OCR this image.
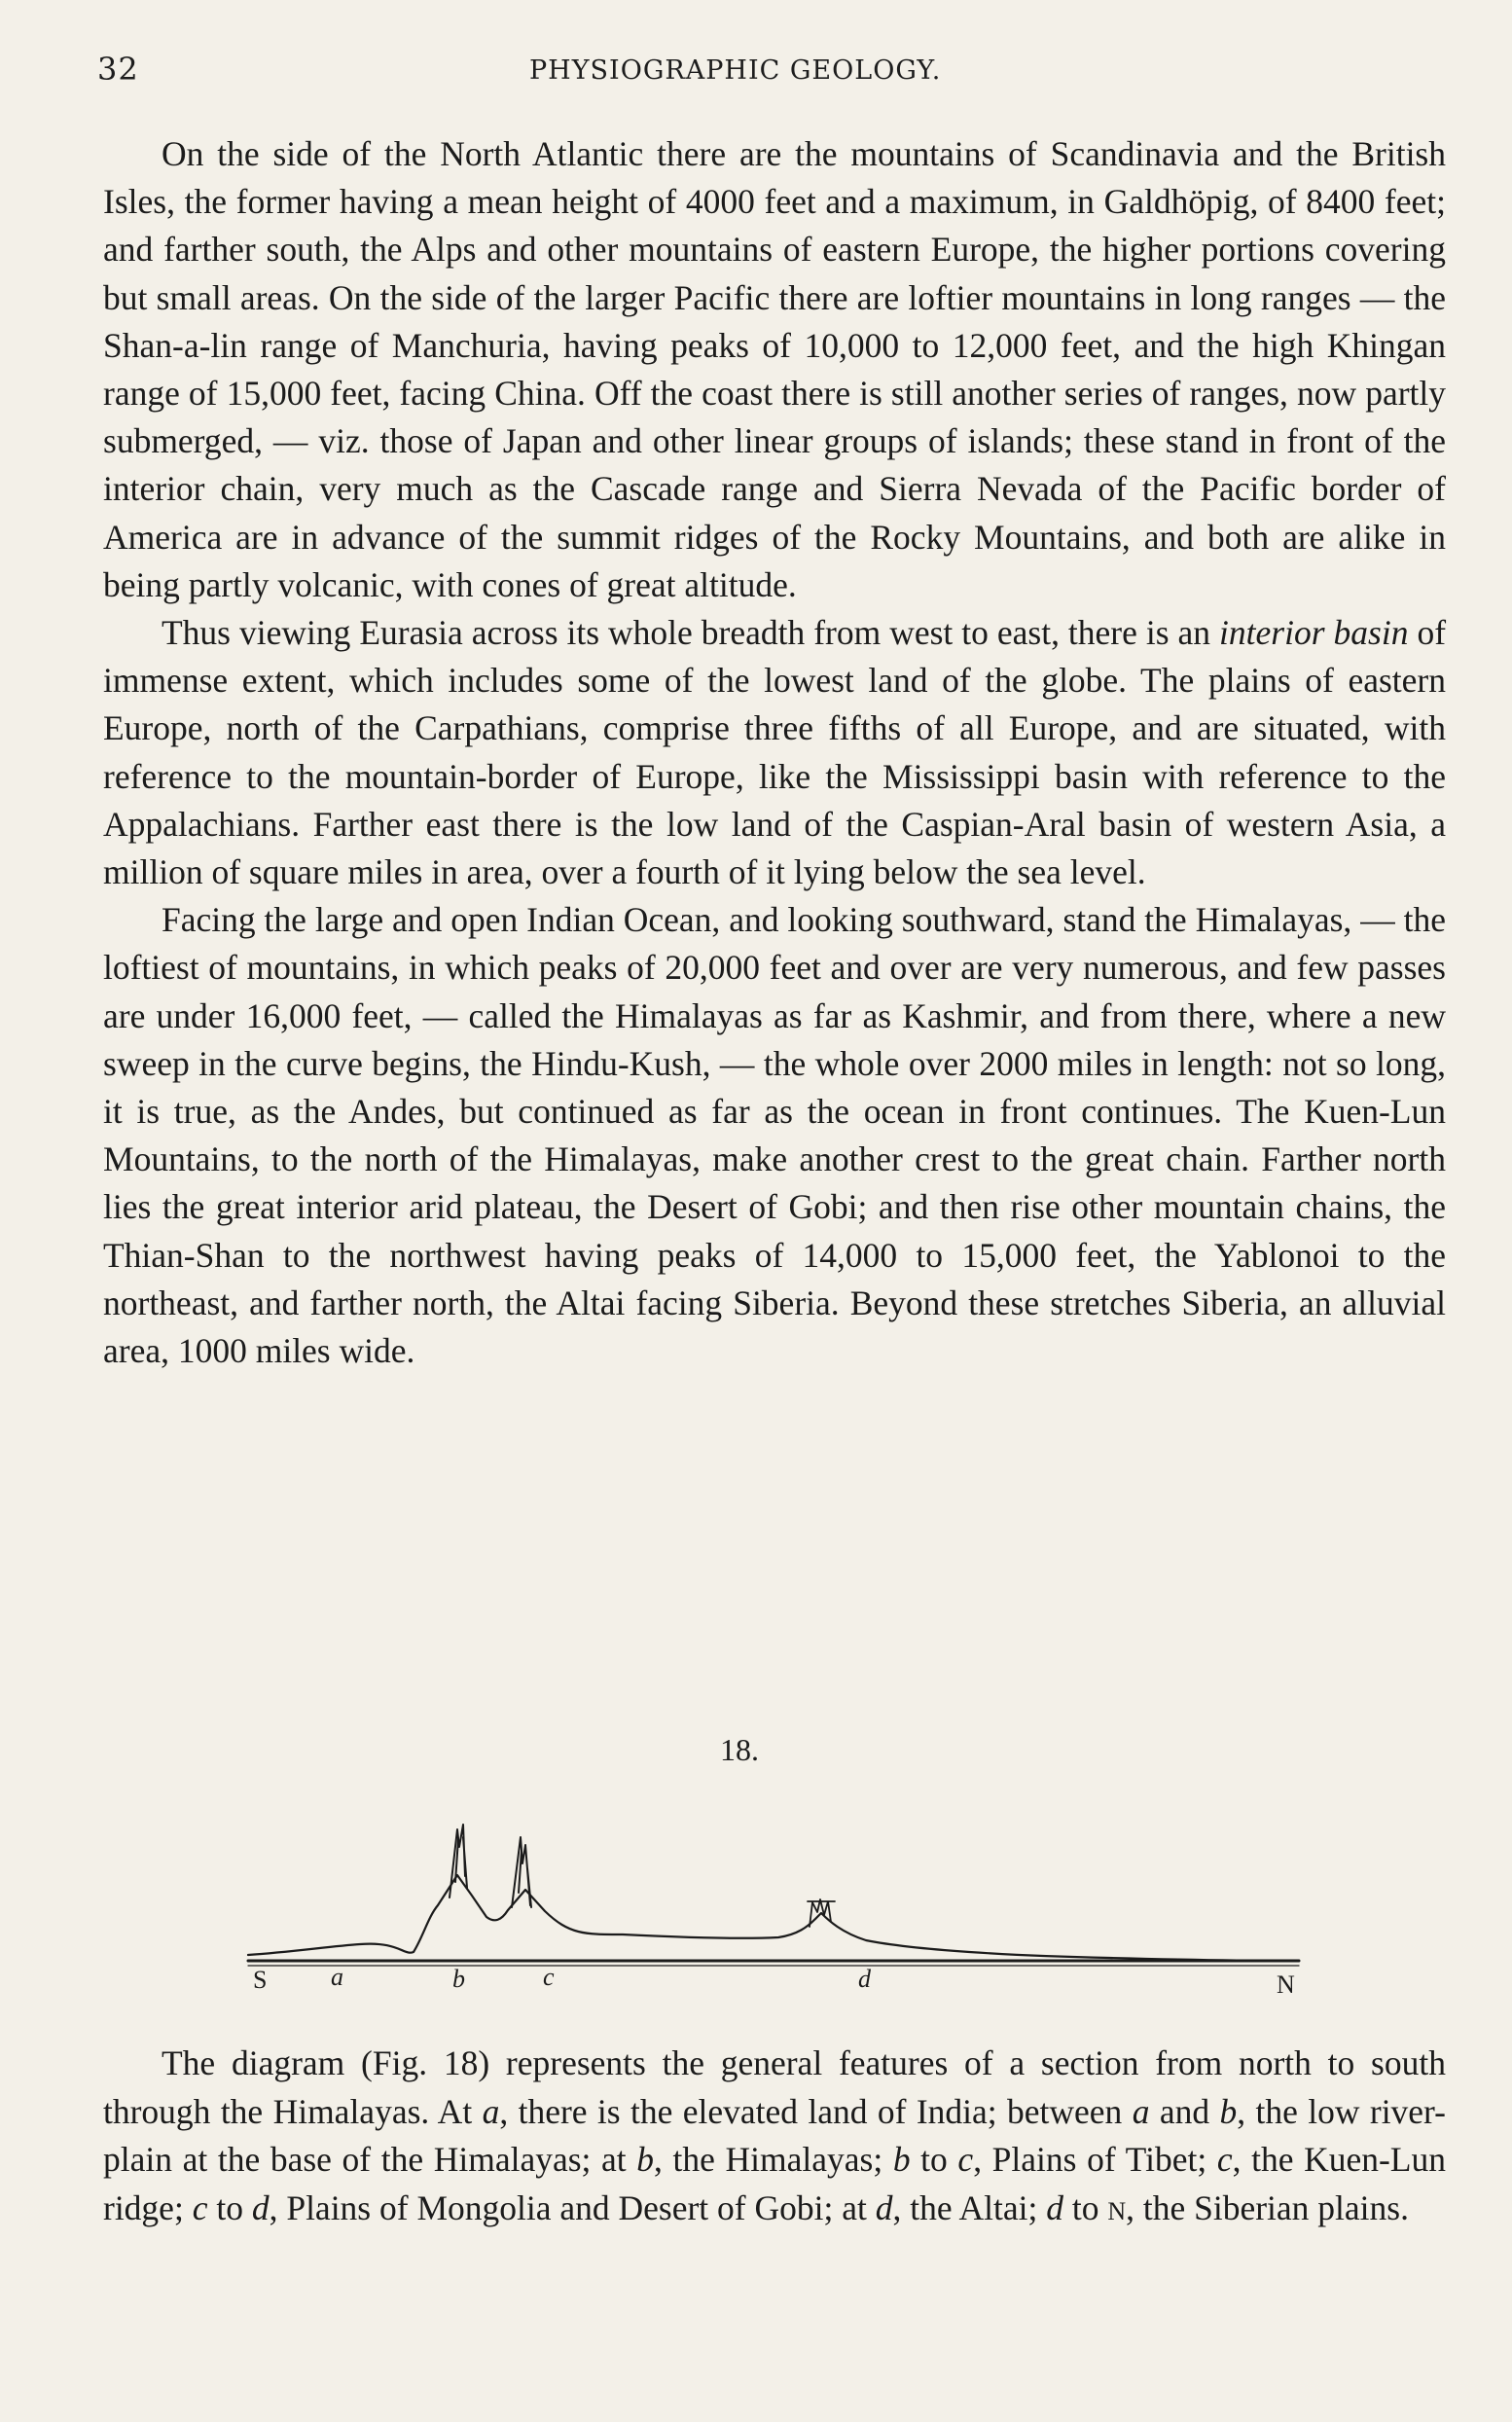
32	PHYSIOGRAPHIC GEOLOGY.

On the side of the North Atlantic there are the mountains of Scandinavia and the British Isles, the former having a mean height of 4000 feet and a maximum, in Galdhöpig, of 8400 feet; and farther south, the Alps and other mountains of eastern Europe, the higher portions covering but small areas. On the side of the larger Pacific there are loftier mountains in long ranges — the Shan-a-lin range of Manchuria, having peaks of 10,000 to 12,000 feet, and the high Khingan range of 15,000 feet, facing China. Off the coast there is still another series of ranges, now partly submerged, — viz. those of Japan and other linear groups of islands; these stand in front of the interior chain, very much as the Cascade range and Sierra Nevada of the Pacific border of America are in advance of the summit ridges of the Rocky Mountains, and both are alike in being partly volcanic, with cones of great altitude.

Thus viewing Eurasia across its whole breadth from west to east, there is an interior basin of immense extent, which includes some of the lowest land of the globe. The plains of eastern Europe, north of the Carpathians, comprise three fifths of all Europe, and are situated, with reference to the mountain-border of Europe, like the Mississippi basin with reference to the Appalachians. Farther east there is the low land of the Caspian-Aral basin of western Asia, a million of square miles in area, over a fourth of it lying below the sea level.

Facing the large and open Indian Ocean, and looking southward, stand the Himalayas, — the loftiest of mountains, in which peaks of 20,000 feet and over are very numerous, and few passes are under 16,000 feet, — called the Himalayas as far as Kashmir, and from there, where a new sweep in the curve begins, the Hindu-Kush, — the whole over 2000 miles in length: not so long, it is true, as the Andes, but continued as far as the ocean in front continues. The Kuen-Lun Mountains, to the north of the Himalayas, make another crest to the great chain. Farther north lies the great interior arid plateau, the Desert of Gobi; and then rise other mountain chains, the Thian-Shan to the northwest having peaks of 14,000 to 15,000 feet, the Yablonoi to the northeast, and farther north, the Altai facing Siberia. Beyond these stretches Siberia, an alluvial area, 1000 miles wide.

18.
S	a	b	c	d	N

The diagram (Fig. 18) represents the general features of a section from north to south through the Himalayas. At a, there is the elevated land of India; between a and b, the low river-plain at the base of the Himalayas; at b, the Himalayas; b to c, Plains of Tibet; c, the Kuen-Lun ridge; c to d, Plains of Mongolia and Desert of Gobi; at d, the Altai; d to N, the Siberian plains.
